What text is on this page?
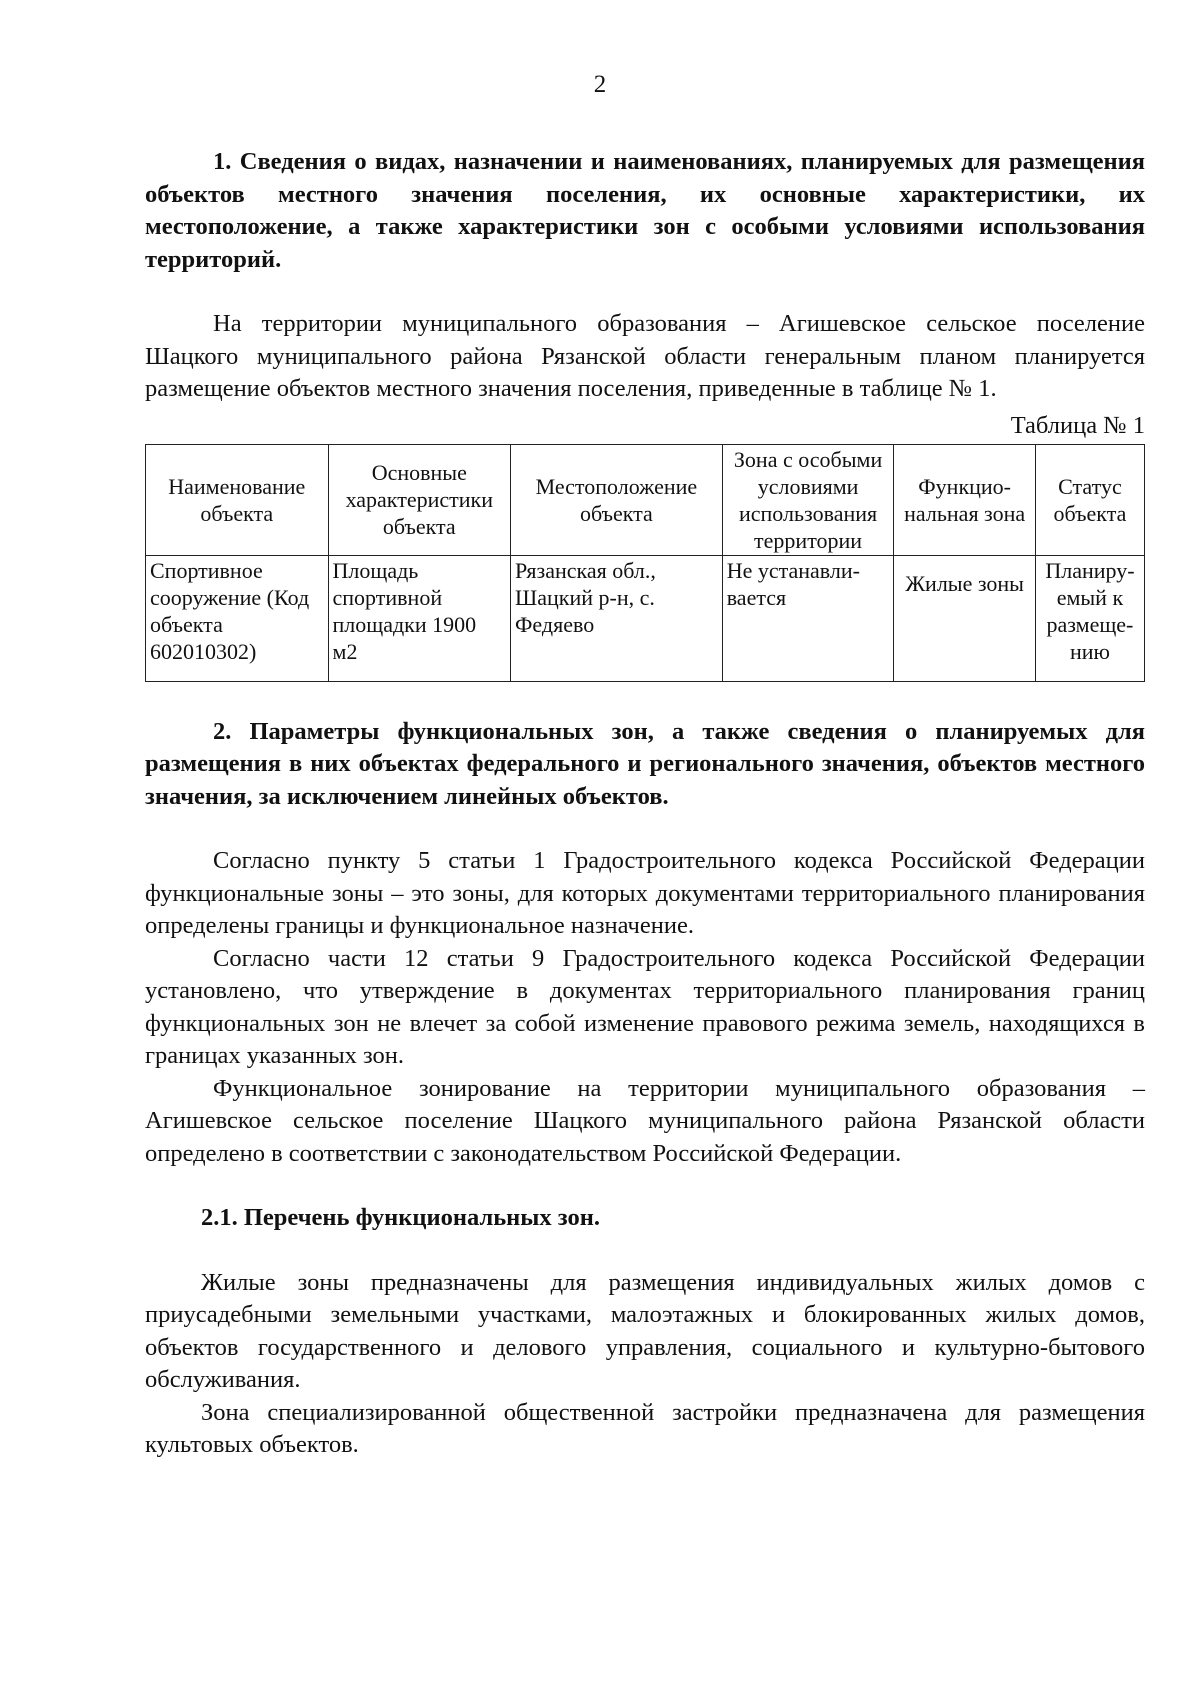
2

1. Сведения о видах, назначении и наименованиях, планируемых для размещения объектов местного значения поселения, их основные характеристики, их местоположение, а также характеристики зон с особыми условиями использования территорий.

На территории муниципального образования – Агишевское сельское поселение Шацкого муниципального района Рязанской области генеральным планом планируется размещение объектов местного значения поселения, приведенные в таблице № 1.

Таблица № 1
Наименование объекта	Основные характеристики объекта	Местоположение объекта	Зона с особыми условиями использования территории	Функцио-нальная зона	Статус объекта
Спортивное сооружение (Код объекта 602010302)	Площадь спортивной площадки 1900 м2	Рязанская обл., Шацкий р-н, с. Федяево	Не устанавли-вается	Жилые зоны	Планиру-емый к размеще-нию

2. Параметры функциональных зон, а также сведения о планируемых для размещения в них объектах федерального и регионального значения, объектов местного значения, за исключением линейных объектов.

Согласно пункту 5 статьи 1 Градостроительного кодекса Российской Федерации функциональные зоны – это зоны, для которых документами территориального планирования определены границы и функциональное назначение.

Согласно части 12 статьи 9 Градостроительного кодекса Российской Федерации установлено, что утверждение в документах территориального планирования границ функциональных зон не влечет за собой изменение правового режима земель, находящихся в границах указанных зон.

Функциональное зонирование на территории муниципального образования – Агишевское сельское поселение Шацкого муниципального района Рязанской области определено в соответствии с законодательством Российской Федерации.

2.1. Перечень функциональных зон.

Жилые зоны предназначены для размещения индивидуальных жилых домов с приусадебными земельными участками, малоэтажных и блокированных жилых домов, объектов государственного и делового управления, социального и культурно-бытового обслуживания.

Зона специализированной общественной застройки предназначена для размещения культовых объектов.
